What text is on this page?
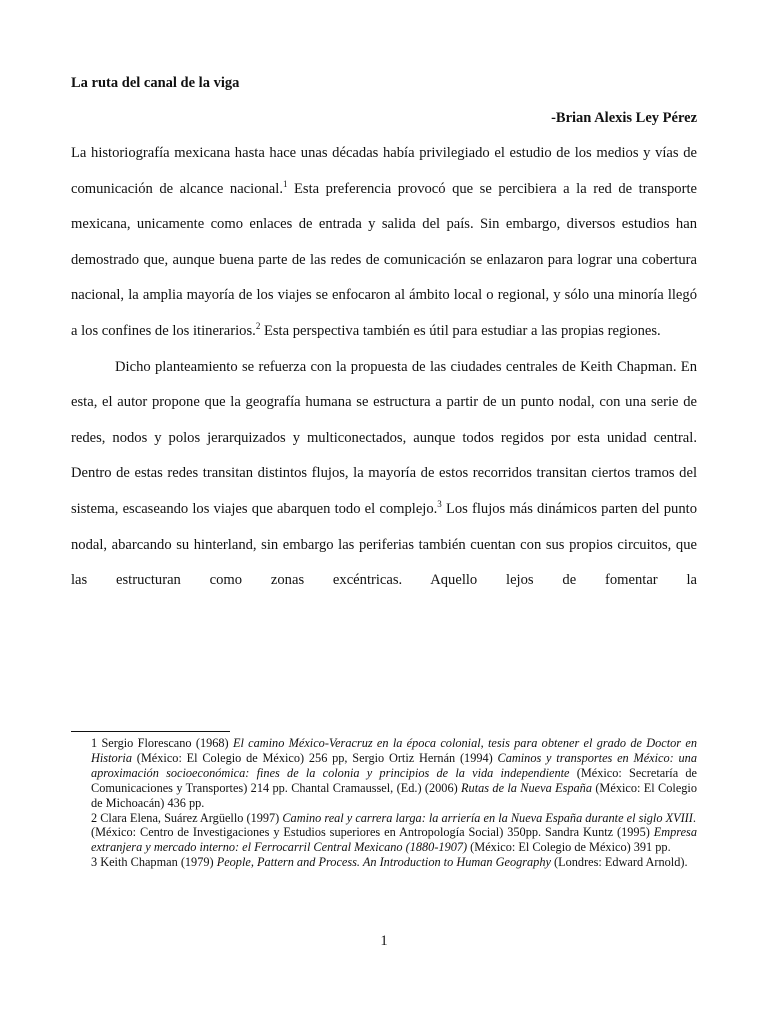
La ruta del canal de la viga
-Brian Alexis Ley Pérez

La historiografía mexicana hasta hace unas décadas había privilegiado el estudio de los medios y vías de comunicación de alcance nacional.$^1$ Esta preferencia provocó que se percibiera a la red de transporte mexicana, unicamente como enlaces de entrada y salida del país. Sin embargo, diversos estudios han demostrado que, aunque buena parte de las redes de comunicación se enlazaron para lograr una cobertura nacional, la amplia mayoría de los viajes se enfocaron al ámbito local o regional, y sólo una minoría llegó a los confines de los itinerarios.$^2$ Esta perspectiva también es útil para estudiar a las propias regiones.

Dicho planteamiento se refuerza con la propuesta de las ciudades centrales de Keith Chapman. En esta, el autor propone que la geografía humana se estructura a partir de un punto nodal, con una serie de redes, nodos y polos jerarquizados y multiconectados, aunque todos regidos por esta unidad central. Dentro de estas redes transitan distintos flujos, la mayoría de estos recorridos transitan ciertos tramos del sistema, escaseando los viajes que abarquen todo el complejo.$^3$ Los flujos más dinámicos parten del punto nodal, abarcando su hinterland, sin embargo las periferias también cuentan con sus propios circuitos, que las estructuran como zonas excéntricas. Aquello lejos de fomentar la

1 Sergio Florescano (1968) El camino México-Veracruz en la época colonial, tesis para obtener el grado de Doctor en Historia (México: El Colegio de México) 256 pp, Sergio Ortiz Hernán (1994) Caminos y transportes en México: una aproximación socioeconómica: fines de la colonia y principios de la vida independiente (México: Secretaría de Comunicaciones y Transportes) 214 pp. Chantal Cramaussel, (Ed.) (2006) Rutas de la Nueva España (México: El Colegio de Michoacán) 436 pp.

2 Clara Elena, Suárez Argüello (1997) Camino real y carrera larga: la arriería en la Nueva España durante el siglo XVIII.

(México: Centro de Investigaciones y Estudios superiores en Antropología Social) 350pp. Sandra Kuntz (1995) Empresa extranjera y mercado interno: el Ferrocarril Central Mexicano (1880-1907) (México: El Colegio de México) 391 pp.

3 Keith Chapman (1979) People, Pattern and Process. An Introduction to Human Geography (Londres: Edward Arnold).

1
